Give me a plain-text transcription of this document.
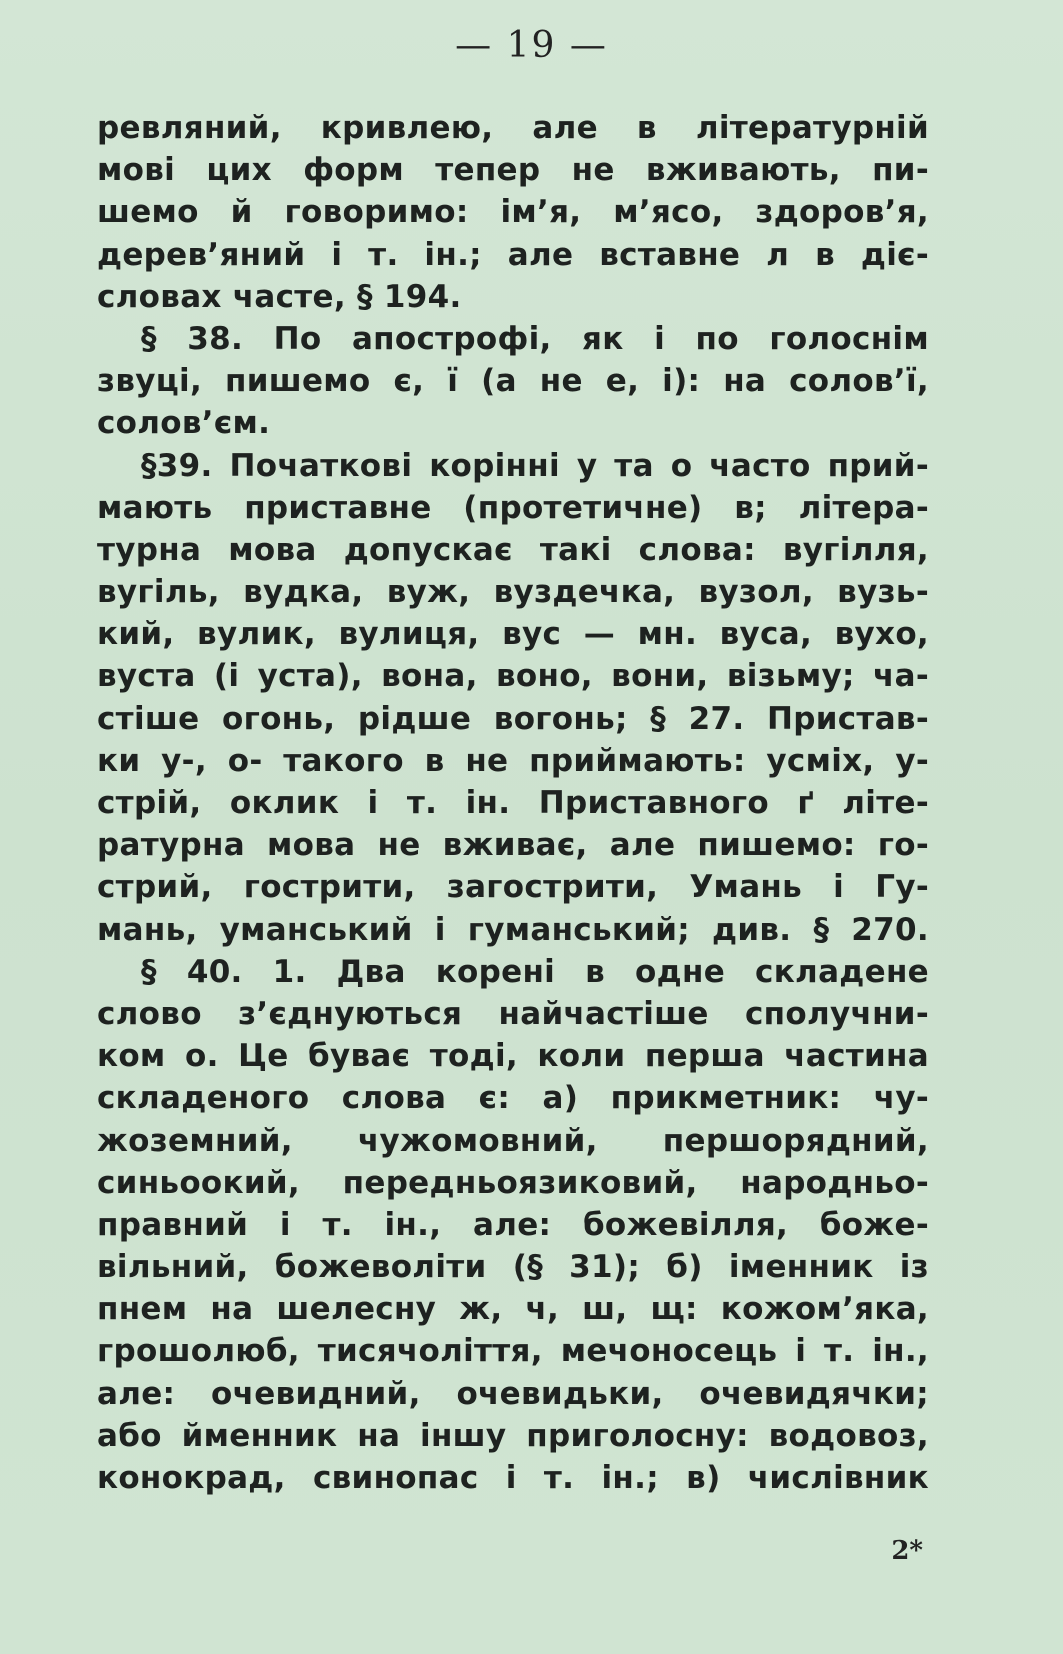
— 19 —
ревляний, кривлею, але в літературній
мові цих форм тепер не вживають, пи-
шемо й говоримо: ім’я, м’ясо, здоров’я,
дерев’яний і т. ін.; але вставне л в діє-
словах часте, § 194.
§ 38. По апострофі, як і по голоснім
звуці, пишемо є, ї (а не е, і): на солов’ї,
солов’єм.
§39. Початкові корінні у та о часто прий-
мають приставне (протетичне) в; літера-
турна мова допускає такі слова: вугілля,
вугіль, вудка, вуж, вуздечка, вузол, вузь-
кий, вулик, вулиця, вус — мн. вуса, вухо,
вуста (і уста), вона, воно, вони, візьму; ча-
стіше огонь, рідше вогонь; § 27. Пристав-
ки у-, о- такого в не приймають: усміх, у-
стрій, оклик і т. ін. Приставного ґ літе-
ратурна мова не вживає, але пишемо: го-
стрий, гострити, загострити, Умань і Гу-
мань, уманський і гуманський; див. § 270.
§ 40. 1. Два корені в одне складене
слово з’єднуються найчастіше сполучни-
ком о. Це буває тоді, коли перша частина
складеного слова є: а) прикметник: чу-
жоземний, чужомовний, першорядний,
синьоокий, передньоязиковий, народньо-
правний і т. ін., але: божевілля, боже-
вільний, божеволіти (§ 31); б) іменник із
пнем на шелесну ж, ч, ш, щ: кожом’яка,
грошолюб, тисячоліття, мечоносець і т. ін.,
але: очевидний, очевидьки, очевидячки;
або йменник на іншу приголосну: водовоз,
конокрад, свинопас і т. ін.; в) числівник
2*
